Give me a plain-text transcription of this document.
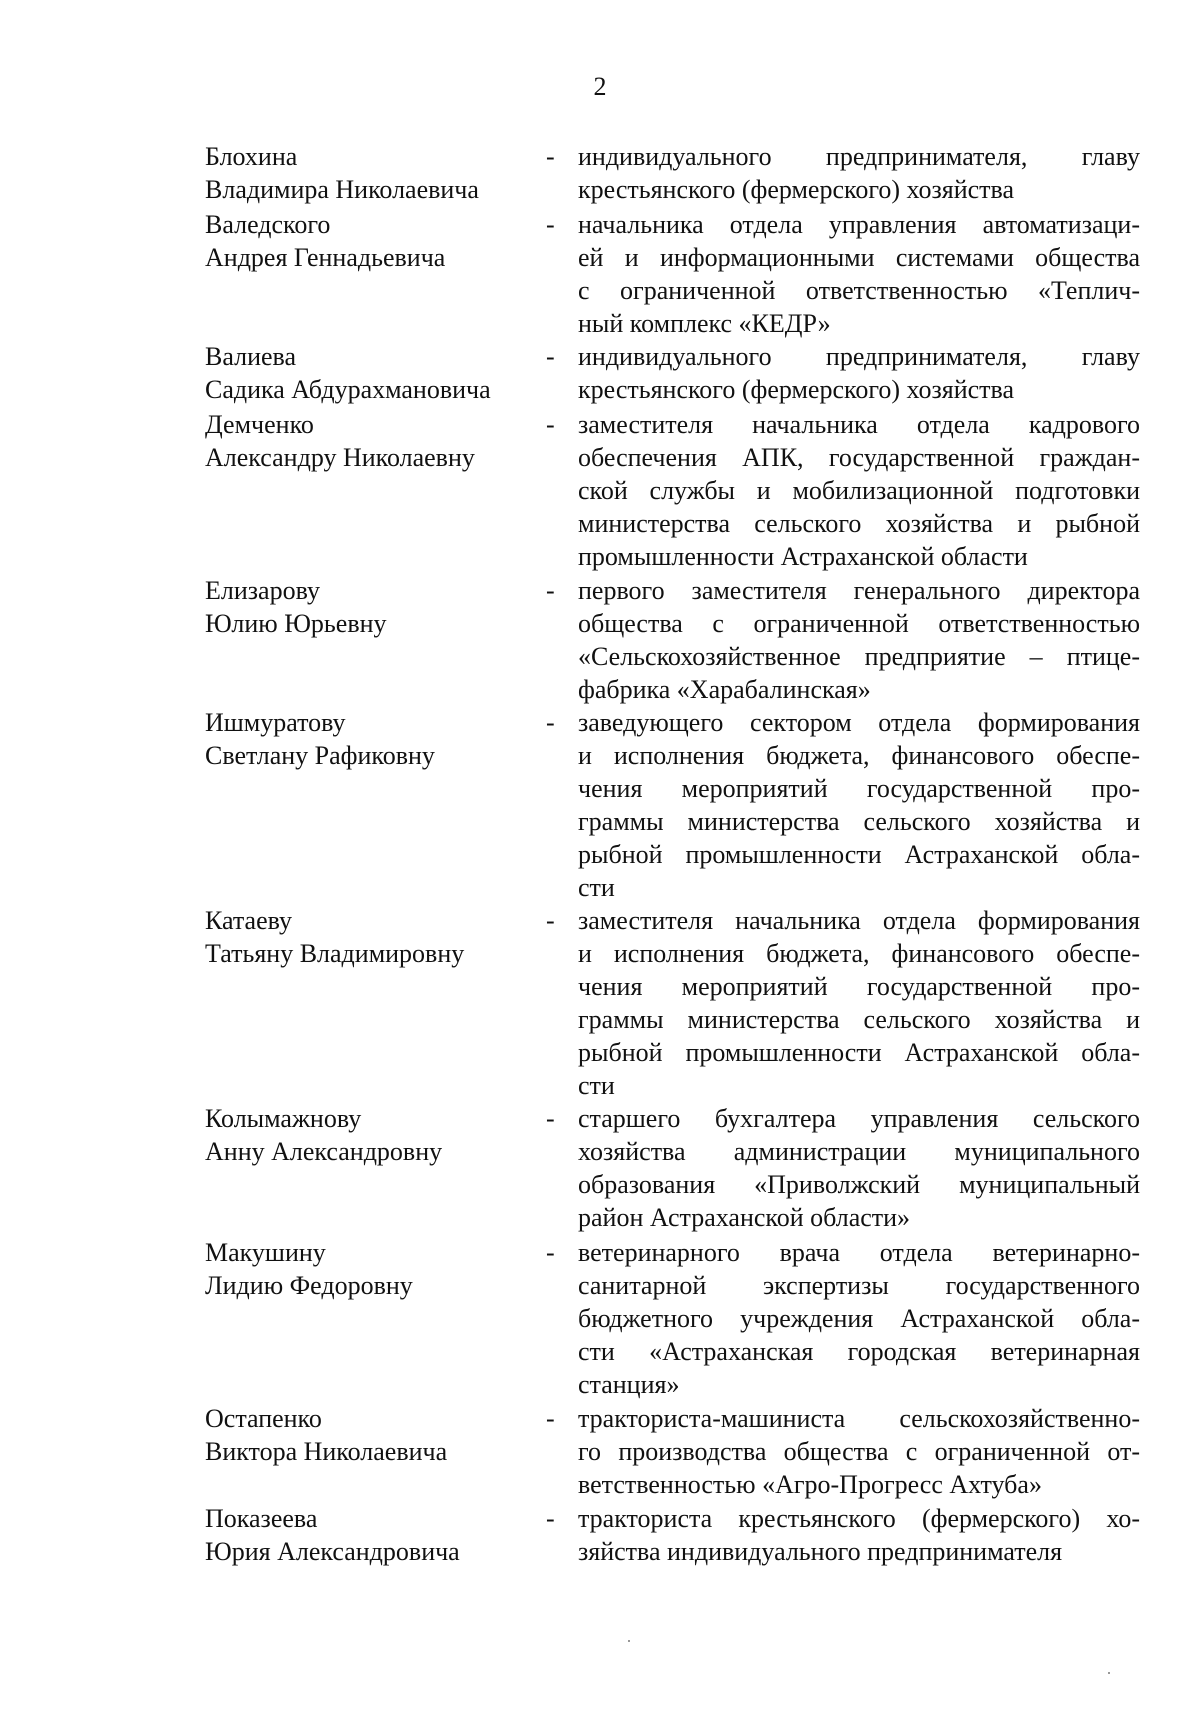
2
Блохина
Владимира Николаевича
- индивидуального предпринимателя, главу
крестьянского (фермерского) хозяйства
Валедского
Андрея Геннадьевича
- начальника отдела управления автоматизаци-
ей и информационными системами общества
с ограниченной ответственностью «Теплич-
ный комплекс «КЕДР»
Валиева
Садика Абдурахмановича
- индивидуального предпринимателя, главу
крестьянского (фермерского) хозяйства
Демченко
Александру Николаевну
- заместителя начальника отдела кадрового
обеспечения АПК, государственной граждан-
ской службы и мобилизационной подготовки
министерства сельского хозяйства и рыбной
промышленности Астраханской области
Елизарову
Юлию Юрьевну
- первого заместителя генерального директора
общества с ограниченной ответственностью
«Сельскохозяйственное предприятие – птице-
фабрика «Харабалинская»
Ишмуратову
Светлану Рафиковну
- заведующего сектором отдела формирования
и исполнения бюджета, финансового обеспе-
чения мероприятий государственной про-
граммы министерства сельского хозяйства и
рыбной промышленности Астраханской обла-
сти
Катаеву
Татьяну Владимировну
- заместителя начальника отдела формирования
и исполнения бюджета, финансового обеспе-
чения мероприятий государственной про-
граммы министерства сельского хозяйства и
рыбной промышленности Астраханской обла-
сти
Колымажнову
Анну Александровну
- старшего бухгалтера управления сельского
хозяйства администрации муниципального
образования «Приволжский муниципальный
район Астраханской области»
Макушину
Лидию Федоровну
- ветеринарного врача отдела ветеринарно-
санитарной экспертизы государственного
бюджетного учреждения Астраханской обла-
сти «Астраханская городская ветеринарная
станция»
Остапенко
Виктора Николаевича
- тракториста-машиниста сельскохозяйственно-
го производства общества с ограниченной от-
ветственностью «Агро-Прогресс Ахтуба»
Показеева
Юрия Александровича
- тракториста крестьянского (фермерского) хо-
зяйства индивидуального предпринимателя
